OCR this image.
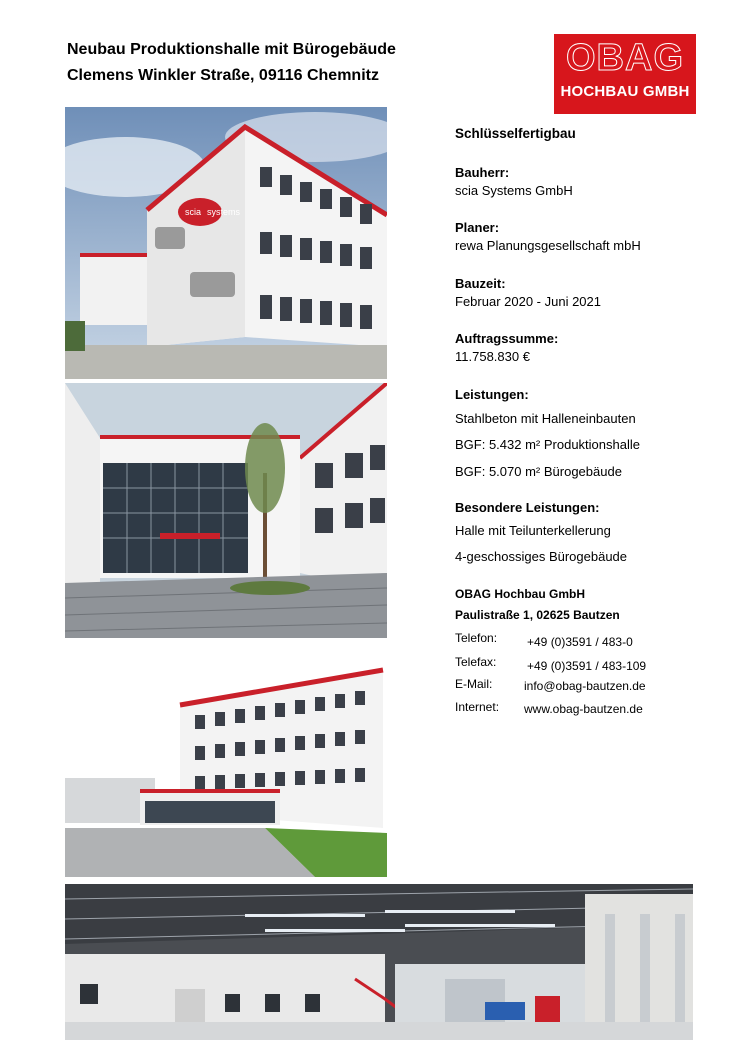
Neubau Produktionshalle mit Bürogebäude
Clemens Winkler Straße, 09116 Chemnitz	OBAG
HOCHBAU GMBH
scia systems
Schlüsselfertigbau
Bauherr:
scia Systems GmbH
Planer:
rewa Planungsgesellschaft mbH
Bauzeit:
Februar 2020 - Juni 2021
Auftragssumme:
11.758.830 €
Leistungen:
Stahlbeton mit Halleneinbauten
BGF: 5.432 m² Produktionshalle
BGF: 5.070 m² Bürogebäude
Besondere Leistungen:
Halle mit Teilunterkellerung
4-geschossiges Bürogebäude
OBAG Hochbau GmbH
Paulistraße 1, 02625 Bautzen
Telefon: +49 (0)3591 / 483-0
Telefax:	+49 (0)3591 / 483-109
E-Mail:	info@obag-bautzen.de
Internet: www.obag-bautzen.de
